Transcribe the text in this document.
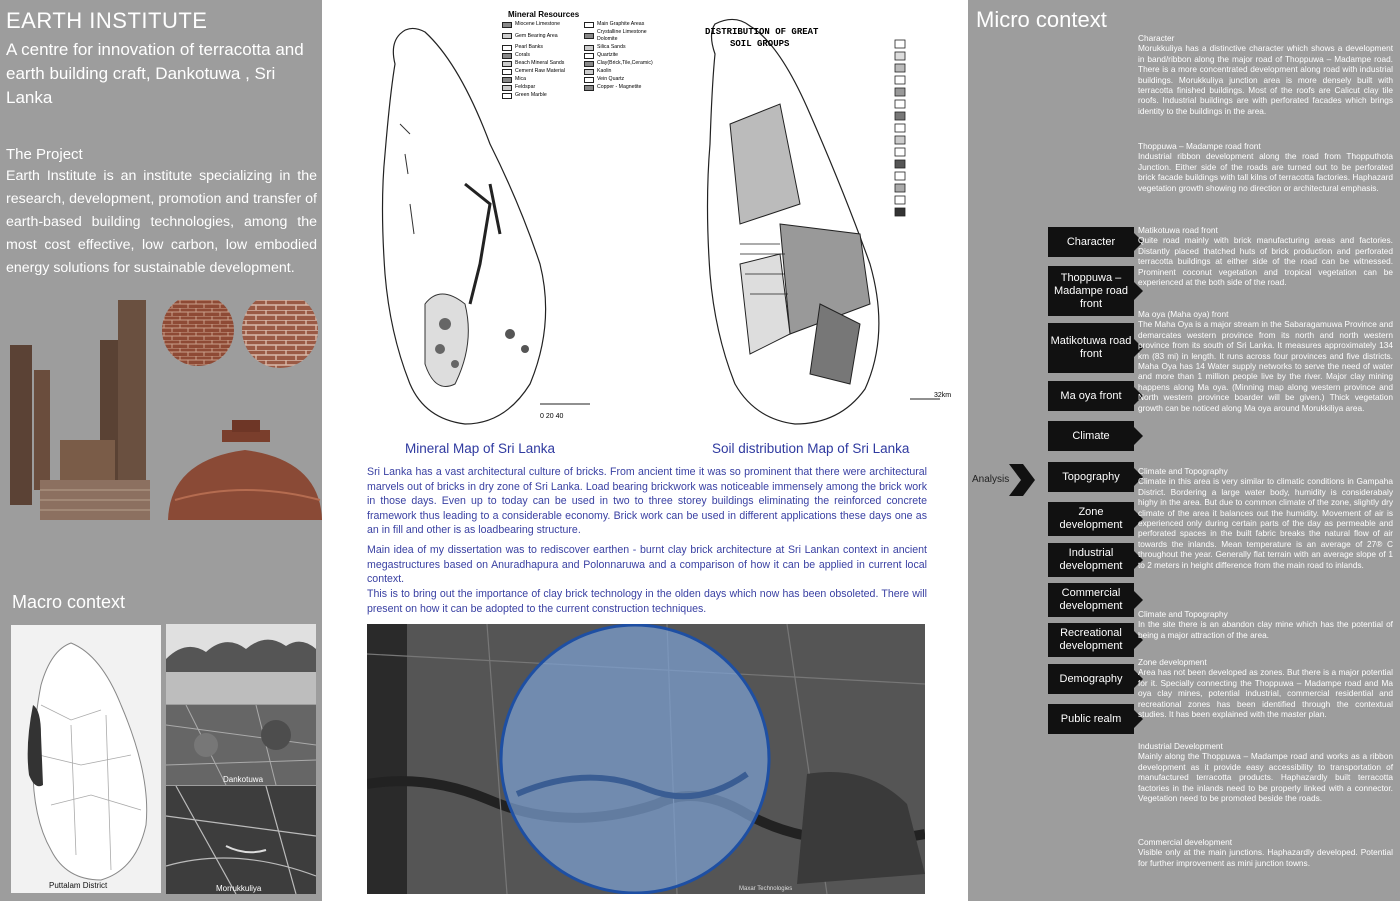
EARTH INSTITUTE
A centre for innovation of terracotta and earth building craft, Dankotuwa , Sri Lanka
The Project
Earth Institute is an institute specializing in the research, development, promotion and transfer of earth-based building technologies, among the most cost effective, low carbon, low embodied energy solutions for sustainable development.
Macro context
Puttalam District
Dankotuwa
Morrukkuliya
0 20 40
Mineral Resources
Miocene Limestone	Main Graphite Areas
Gem Bearing Area
Crystalline Limestone Dolomite
Pearl Banks	Silica Sands
Corals	Quartzite
Beach Mineral Sands	Clay(Brick,Tile,Ceramic)
Cement Raw Material	Kaolin
Mica	Vein Quartz
Feldspar	Copper - Magnetite
Green Marble
DISTRIBUTION OF GREAT
SOIL GROUPS
32km
Mineral Map of Sri Lanka	Soil distribution Map of Sri Lanka
Sri Lanka has a vast architectural culture of bricks. From ancient time it was so prominent that there were architectural marvels out of bricks in dry zone of Sri Lanka. Load bearing brickwork was noticeable immensely among the brick work in those days. Even up to today can be used in two to three storey buildings eliminating the reinforced concrete framework thus leading to a considerable economy. Brick work can be used in different applications these days one as an in fill and other is as loadbearing structure.
Main idea of my dissertation was to rediscover earthen - burnt clay brick architecture at Sri Lankan context in ancient megastructures based on Anuradhapura and Polonnaruwa and a comparison of how it can be applied in current local context.
This is to bring out the importance of clay brick technology in the olden days which now has been obsoleted. There will present on how it can be adopted to the current construction techniques.
Maxar Technologies
Micro context
Analysis
Character
Thoppuwa – Madampe road front
Matikotuwa road front
Ma oya front
Climate
Topography
Zone development
Industrial development
Commercial development
Recreational development
Demography
Public realm
Character
Morukkuliya has a distinctive character which shows a development in band/ribbon along the major road of Thoppuwa – Madampe road. There is a more concentrated development along road with industrial buildings. Morukkuliya junction area is more densely built with terracotta finished buildings. Most of the roofs are Calicut clay tile roofs. Industrial buildings are with perforated facades which brings identity to the buildings in the area.
Thoppuwa – Madampe road front
Industrial ribbon development along the road from Thopputhota Junction. Either side of the roads are turned out to be perforated brick facade buildings with tall kilns of terracotta factories. Haphazard vegetation growth showing no direction or architectural emphasis.
Matikotuwa road front
Quite road mainly with brick manufacturing areas and factories. Distantly placed thatched huts of brick production and perforated terracotta buildings at either side of the road can be witnessed. Prominent coconut vegetation and tropical vegetation can be experienced at the both side of the road.
Ma oya (Maha oya) front
The Maha Oya is a major stream in the Sabaragamuwa Province and demarcates western province from its north and north western province from its south of Sri Lanka. It measures approximately 134 km (83 mi) in length. It runs across four provinces and five districts. Maha Oya has 14 Water supply networks to serve the need of water and more than 1 million people live by the river. Major clay mining happens along Ma oya. (Minning map along western province and North western province boarder will be given.) Thick vegetation growth can be noticed along Ma oya around Morukkiliya area.
Climate and Topography
Climate in this area is very similar to climatic conditions in Gampaha District. Bordering a large water body, humidity is considerabaly highy in the area. But due to common climate of the zone, slightly dry climate of the area it balances out the humidity. Movement of air is experienced only during certain parts of the day as permeable and perforated spaces in the built fabric breaks the natural flow of air towards the inlands. Mean temperature is an average of 27® C throughout the year. Generally flat terrain with an average slope of 1 to 2 meters in height difference from the main road to inlands.
Climate and Topography
In the site there is an abandon clay mine which has the potential of being a major attraction of the area.
Zone development
Area has not been developed as zones. But there is a major potential for it. Specially connecting the Thoppuwa – Madampe road and Ma oya clay mines, potential industrial, commercial residential and recreational zones has been identified through the contextual studies. It has been explained with the master plan.
Industrial Development
Mainly along the Thoppuwa – Madampe road and works as a ribbon development as it provide easy accessibility to transportation of manufactured terracotta products. Haphazardly built terracotta factories in the inlands need to be properly linked with a connector. Vegetation need to be promoted beside the roads.
Commercial development
Visible only at the main junctions. Haphazardly developed. Potential for further improvement as mini junction towns.
